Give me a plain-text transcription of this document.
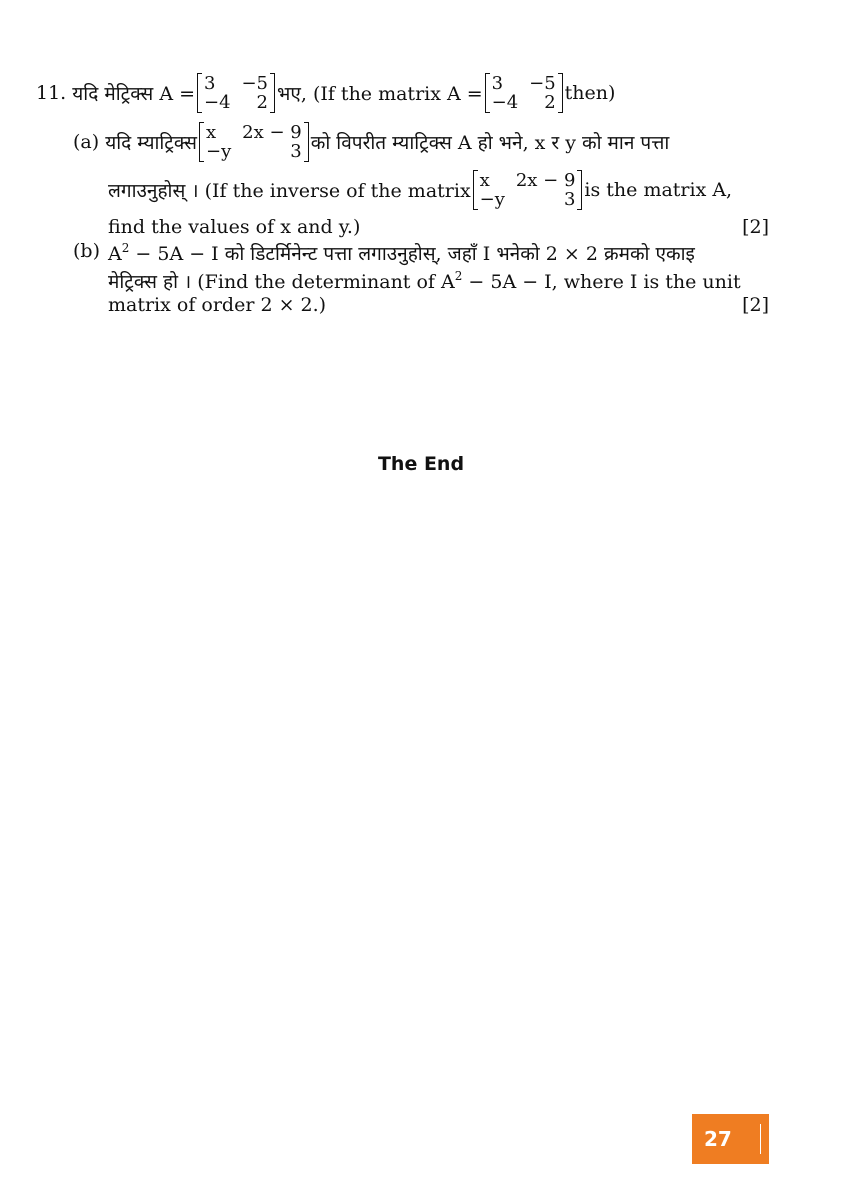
11.
यदि मेट्रिक्स A = 3 −5
−4 2 भए, (If the matrix A = 3 −5
−4 2 then)
(a)
यदि म्याट्रिक्स x 2x − 9
−y	3 को विपरीत म्याट्रिक्स A हो भने, x र y को मान पत्ता
लगाउनुहोस् । (If the inverse of the matrix x 2x − 9
−y	3 is the matrix A,
find the values of x and y.)	[2]
(b) $A^2 - 5A - I$ को डिटर्मिनेन्ट पत्ता लगाउनुहोस्, जहाँ I भनेको 2 × 2 क्रमको एकाइ
मेट्रिक्स हो । (Find the determinant of $A^2 - 5A - I$, where I is the unit
matrix of order 2 × 2.)	[2]
The End
27
